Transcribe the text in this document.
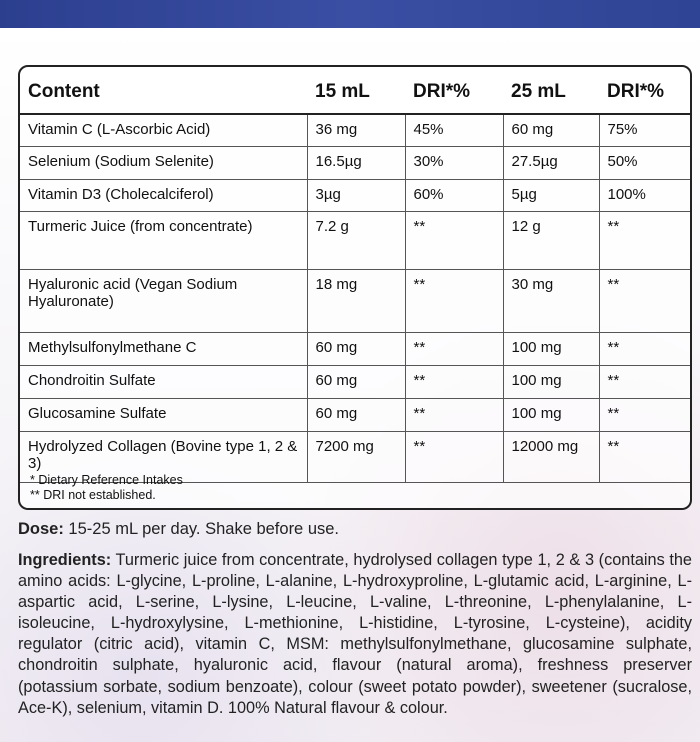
Content	15 mL	DRI*%	25 mL	DRI*%
Vitamin C (L-Ascorbic Acid)	36 mg	45%	60 mg	75%
Selenium (Sodium Selenite)	16.5µg	30%	27.5µg	50%
Vitamin D3 (Cholecalciferol)	3µg	60%	5µg	100%
Turmeric Juice (from concentrate)	7.2 g	**	12 g	**
Hyaluronic acid (Vegan Sodium Hyaluronate)	18 mg	**	30 mg	**
Methylsulfonylmethane C	60 mg	**	100 mg	**
Chondroitin Sulfate	60 mg	**	100 mg	**
Glucosamine Sulfate	60 mg	**	100 mg	**
Hydrolyzed Collagen (Bovine type 1, 2 & 3)	7200 mg	**	12000 mg	**
* Dietary Reference Intakes
** DRI not established.
Dose: 15-25 mL per day. Shake before use.
Ingredients: Turmeric juice from concentrate, hydrolysed collagen type 1, 2 & 3 (contains the amino acids: L-glycine, L-proline, L-alanine, L-hydroxyproline, L-glutamic acid, L-arginine, L-aspartic acid, L-serine, L-lysine, L-leucine, L-valine, L-threonine, L-phenylalanine, L-isoleucine, L-hydroxylysine, L-methionine, L-histidine, L-tyrosine, L-cysteine), acidity regulator (citric acid), vitamin C, MSM: methylsulfonylmethane, glucosamine sulphate, chondroitin sulphate, hyaluronic acid, flavour (natural aroma), freshness preserver (potassium sorbate, sodium benzoate), colour (sweet potato powder), sweetener (sucralose, Ace-K), selenium, vitamin D. 100% Natural flavour & colour.
